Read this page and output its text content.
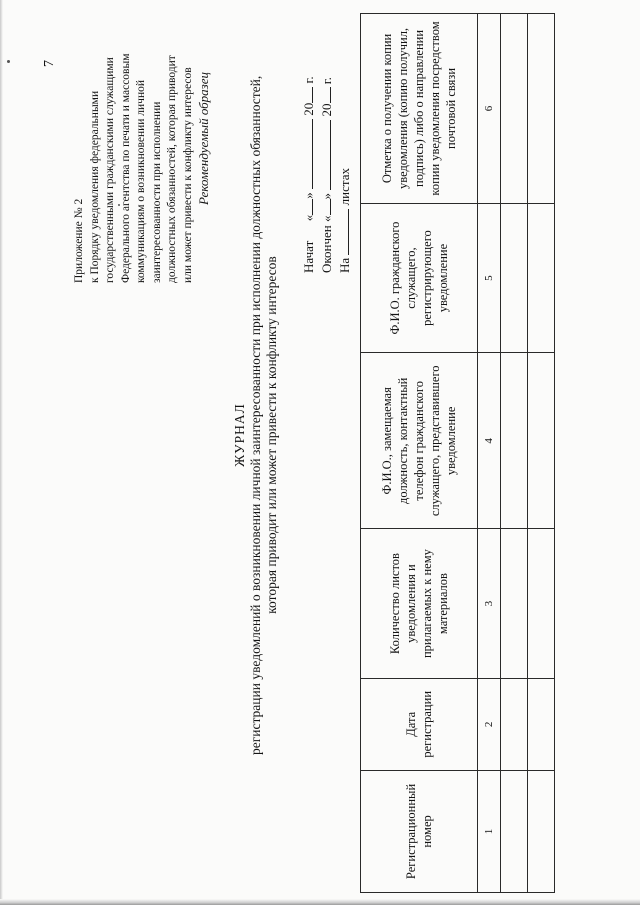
7
Приложение № 2 к Порядку уведомления федеральными государственными гражданскими служащими Федерального агентства по печати и массовым коммуникациям о возникновении личной заинтересованности при исполнении должностных обязанностей, которая приводит или может привести к конфликту интересов Рекомендуемый образец
ЖУРНАЛ регистрации уведомлений о возникновении личной заинтересованности при исполнении должностных обязанностей, которая приводит или может привести к конфликту интересов Начат      «»  20 г.
Окончен «»  20 г.
На  листах
Регистрационный номер	Дата регистрации	Количество листов уведомления и прилагаемых к нему материалов	Ф.И.О., замещаемая должность, контактный телефон гражданского служащего, представившего уведомление	Ф.И.О. гражданского служащего, регистрирующего уведомление	Отметка о получении копии уведомления (копию получил, подпись) либо о направлении копии уведомления посредством почтовой связи
1	2	3	4	5	6
